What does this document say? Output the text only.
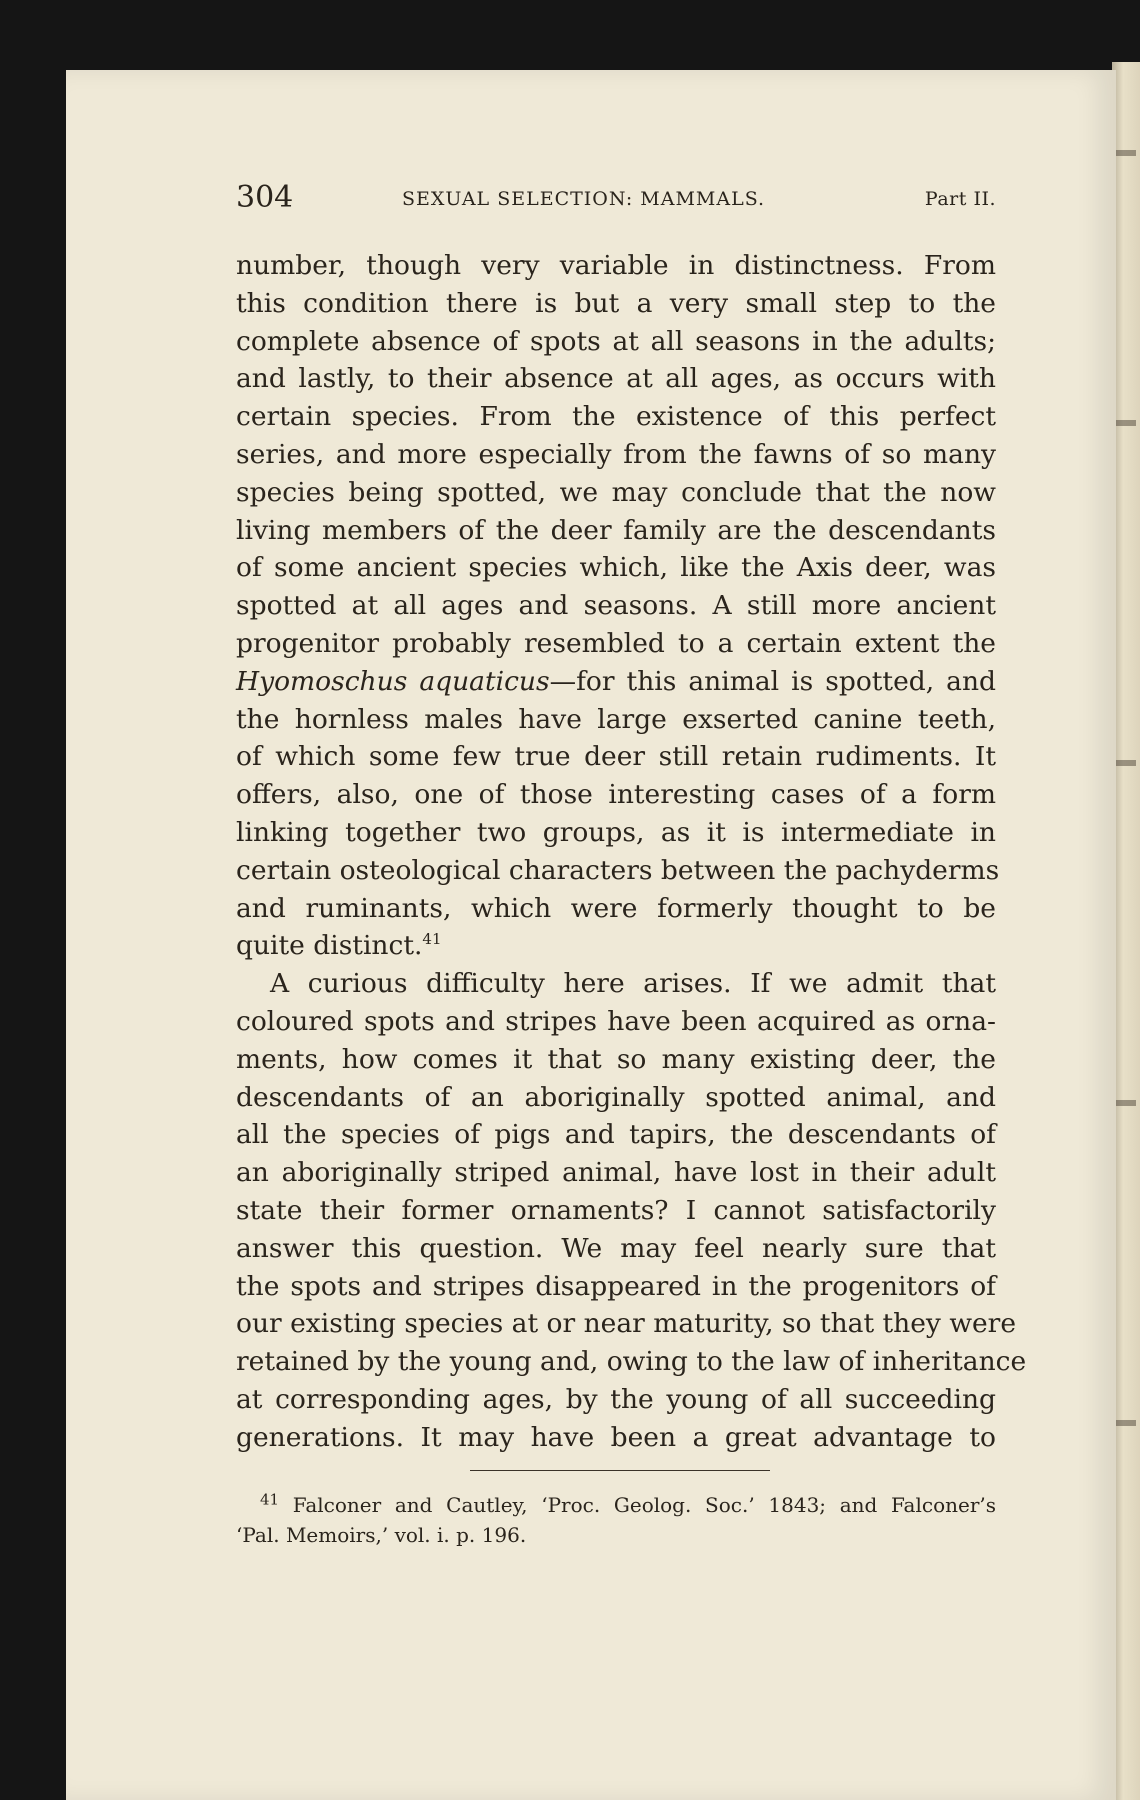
304	SEXUAL SELECTION: MAMMALS.	Part II.
number, though very variable in distinctness. From
this condition there is but a very small step to the
complete absence of spots at all seasons in the adults;
and lastly, to their absence at all ages, as occurs with
certain species. From the existence of this perfect
series, and more especially from the fawns of so many
species being spotted, we may conclude that the now
living members of the deer family are the descendants
of some ancient species which, like the Axis deer, was
spotted at all ages and seasons. A still more ancient
progenitor probably resembled to a certain extent the
Hyomoschus aquaticus—for this animal is spotted, and
the hornless males have large exserted canine teeth,
of which some few true deer still retain rudiments. It
offers, also, one of those interesting cases of a form
linking together two groups, as it is intermediate in
certain osteological characters between the pachyderms
and ruminants, which were formerly thought to be
quite distinct.$^{41}$
A curious difficulty here arises. If we admit that
coloured spots and stripes have been acquired as orna-
ments, how comes it that so many existing deer, the
descendants of an aboriginally spotted animal, and
all the species of pigs and tapirs, the descendants of
an aboriginally striped animal, have lost in their adult
state their former ornaments? I cannot satisfactorily
answer this question. We may feel nearly sure that
the spots and stripes disappeared in the progenitors of
our existing species at or near maturity, so that they were
retained by the young and, owing to the law of inheritance
at corresponding ages, by the young of all succeeding
generations. It may have been a great advantage to
$^{41}$ Falconer and Cautley, ‘Proc. Geolog. Soc.’ 1843; and Falconer’s
‘Pal. Memoirs,’ vol. i. p. 196.
